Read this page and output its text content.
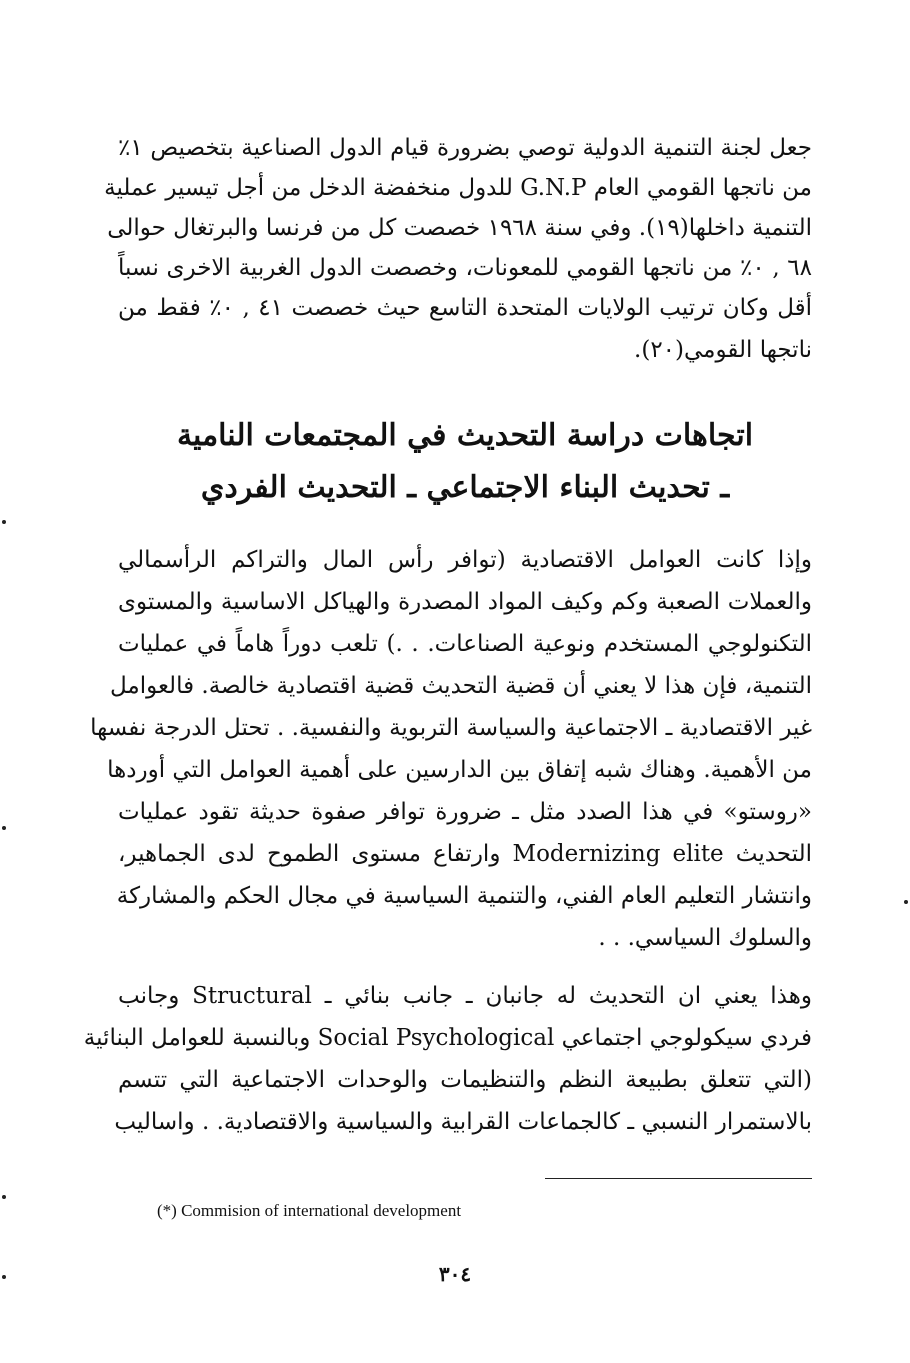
جعل لجنة التنمية الدولية توصي بضرورة قيام الدول الصناعية بتخصيص ١٪
من ناتجها القومي العام G.N.P للدول منخفضة الدخل من أجل تيسير عملية
التنمية داخلها(١٩). وفي سنة ١٩٦٨ خصصت كل من فرنسا والبرتغال حوالى
٦٨ , ٠٪ من ناتجها القومي للمعونات، وخصصت الدول الغربية الاخرى نسباً
أقل وكان ترتيب الولايات المتحدة التاسع حيث خصصت ٤١ , ٠٪ فقط من
ناتجها القومي(٢٠).
اتجاهات دراسة التحديث في المجتمعات النامية
ـ تحديث البناء الاجتماعي ـ التحديث الفردي
وإذا كانت العوامل الاقتصادية (توافر رأس المال والتراكم الرأسمالي
والعملات الصعبة وكم وكيف المواد المصدرة والهياكل الاساسية والمستوى
التكنولوجي المستخدم ونوعية الصناعات. . .) تلعب دوراً هاماً في عمليات
التنمية، فإن هذا لا يعني أن قضية التحديث قضية اقتصادية خالصة. فالعوامل
غير الاقتصادية ـ الاجتماعية والسياسة التربوية والنفسية. . تحتل الدرجة نفسها
من الأهمية. وهناك شبه إتفاق بين الدارسين على أهمية العوامل التي أوردها
«روستو» في هذا الصدد مثل ـ ضرورة توافر صفوة حديثة تقود عمليات
التحديث Modernizing elite وارتفاع مستوى الطموح لدى الجماهير،
وانتشار التعليم العام الفني، والتنمية السياسية في مجال الحكم والمشاركة
والسلوك السياسي. . .
وهذا يعني ان التحديث له جانبان ـ جانب بنائي ـ Structural وجانب
فردي سيكولوجي اجتماعي Social Psychological وبالنسبة للعوامل البنائية
(التي تتعلق بطبيعة النظم والتنظيمات والوحدات الاجتماعية التي تتسم
بالاستمرار النسبي ـ كالجماعات القرابية والسياسية والاقتصادية. . واساليب
(*) Commision of international development
٣٠٤
